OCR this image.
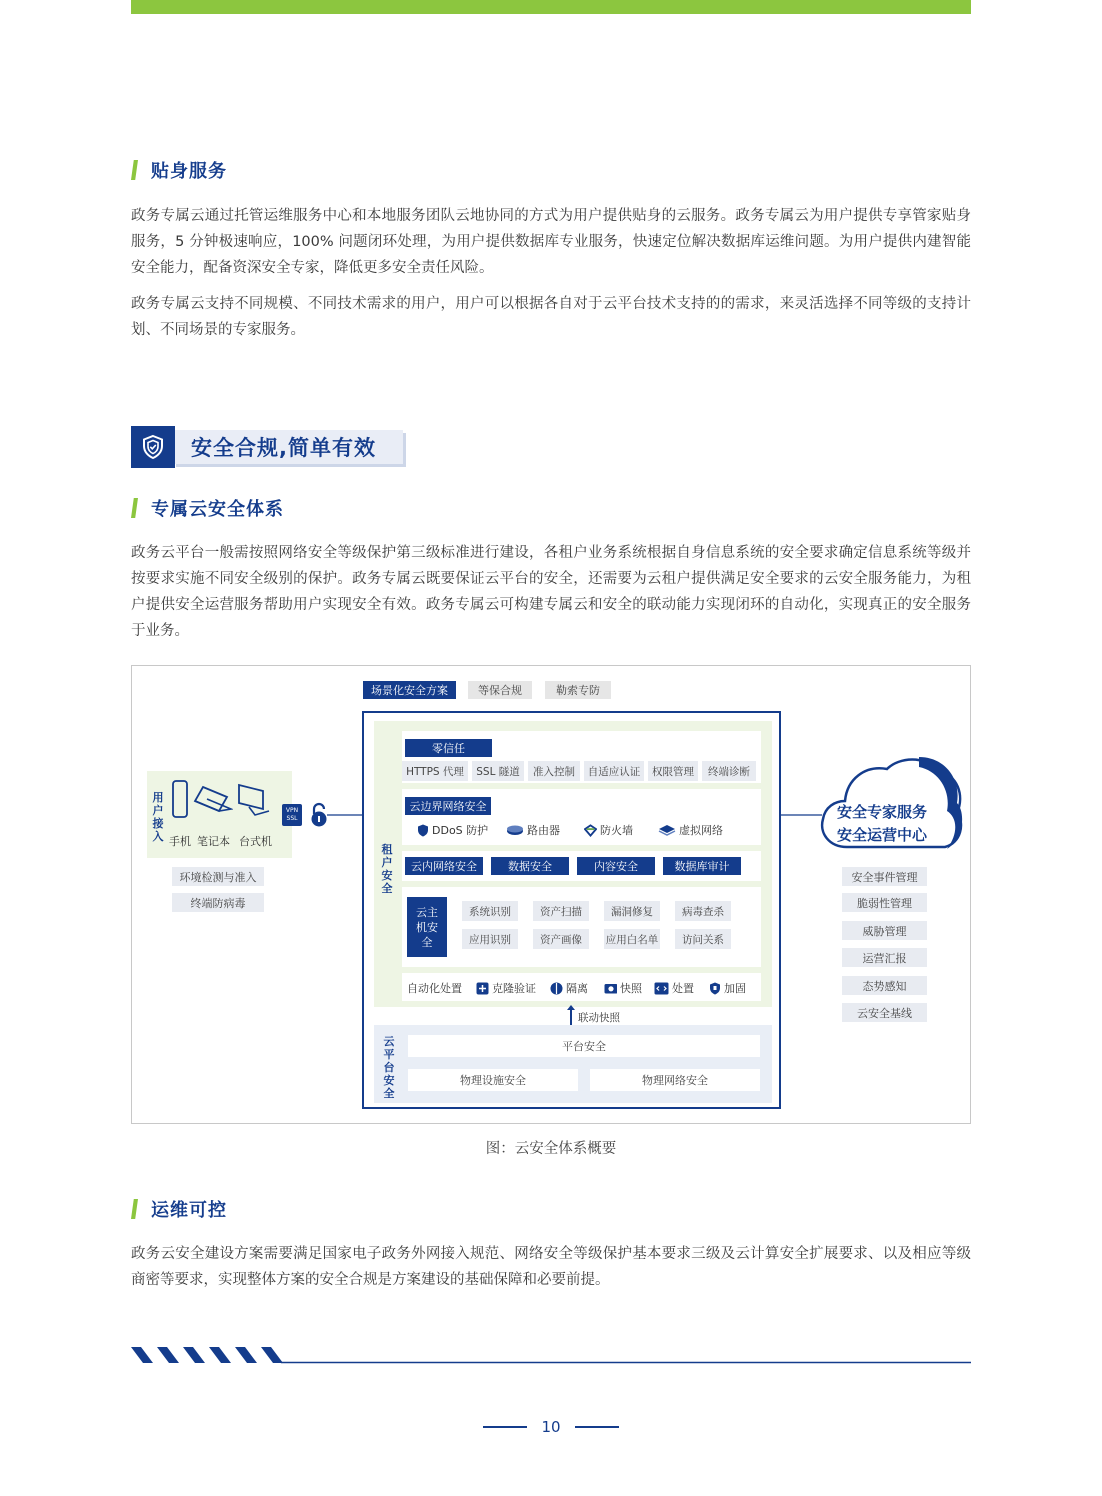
贴身服务

政务专属云通过托管运维服务中心和本地服务团队云地协同的方式为用户提供贴身的云服务。政务专属云为用户提供专享管家贴身服务，5 分钟极速响应，100% 问题闭环处理，为用户提供数据库专业服务，快速定位解决数据库运维问题。为用户提供内建智能安全能力，配备资深安全专家，降低更多安全责任风险。

政务专属云支持不同规模、不同技术需求的用户，用户可以根据各自对于云平台技术支持的的需求，来灵活选择不同等级的支持计划、不同场景的专家服务。

安全合规,简单有效
专属云安全体系

政务云平台一般需按照网络安全等级保护第三级标准进行建设，各租户业务系统根据自身信息系统的安全要求确定信息系统等级并按要求实施不同安全级别的保护。政务专属云既要保证云平台的安全，还需要为云租户提供满足安全要求的云安全服务能力，为租户提供安全运营服务帮助用户实现安全有效。政务专属云可构建专属云和安全的联动能力实现闭环的自动化，实现真正的安全服务于业务。

场景化安全方案	等保合规	勒索专防
用户接入 手机 笔记本 台式机
VPN
SSL
环境检测与准入
终端防病毒
租户安全
零信任
HTTPS 代理	SSL 隧道	准入控制	自适应认证	权限管理	终端诊断
云边界网络安全
DDoS 防护	路由器	防火墙	虚拟网络
云内网络安全	数据安全	内容安全	数据库审计
云主机安全
系统识别	资产扫描	漏洞修复	病毒查杀
应用识别	资产画像	应用白名单	访问关系
自动化处置	克隆验证	隔离	快照	处置	加固
联动快照
云平台安全
平台安全
物理设施安全	物理网络安全
安全专家服务
安全运营中心
安全事件管理
脆弱性管理
威胁管理
运营汇报
态势感知
云安全基线
图：云安全体系概要
运维可控

政务云安全建设方案需要满足国家电子政务外网接入规范、网络安全等级保护基本要求三级及云计算安全扩展要求、以及相应等级商密等要求，实现整体方案的安全合规是方案建设的基础保障和必要前提。

10
